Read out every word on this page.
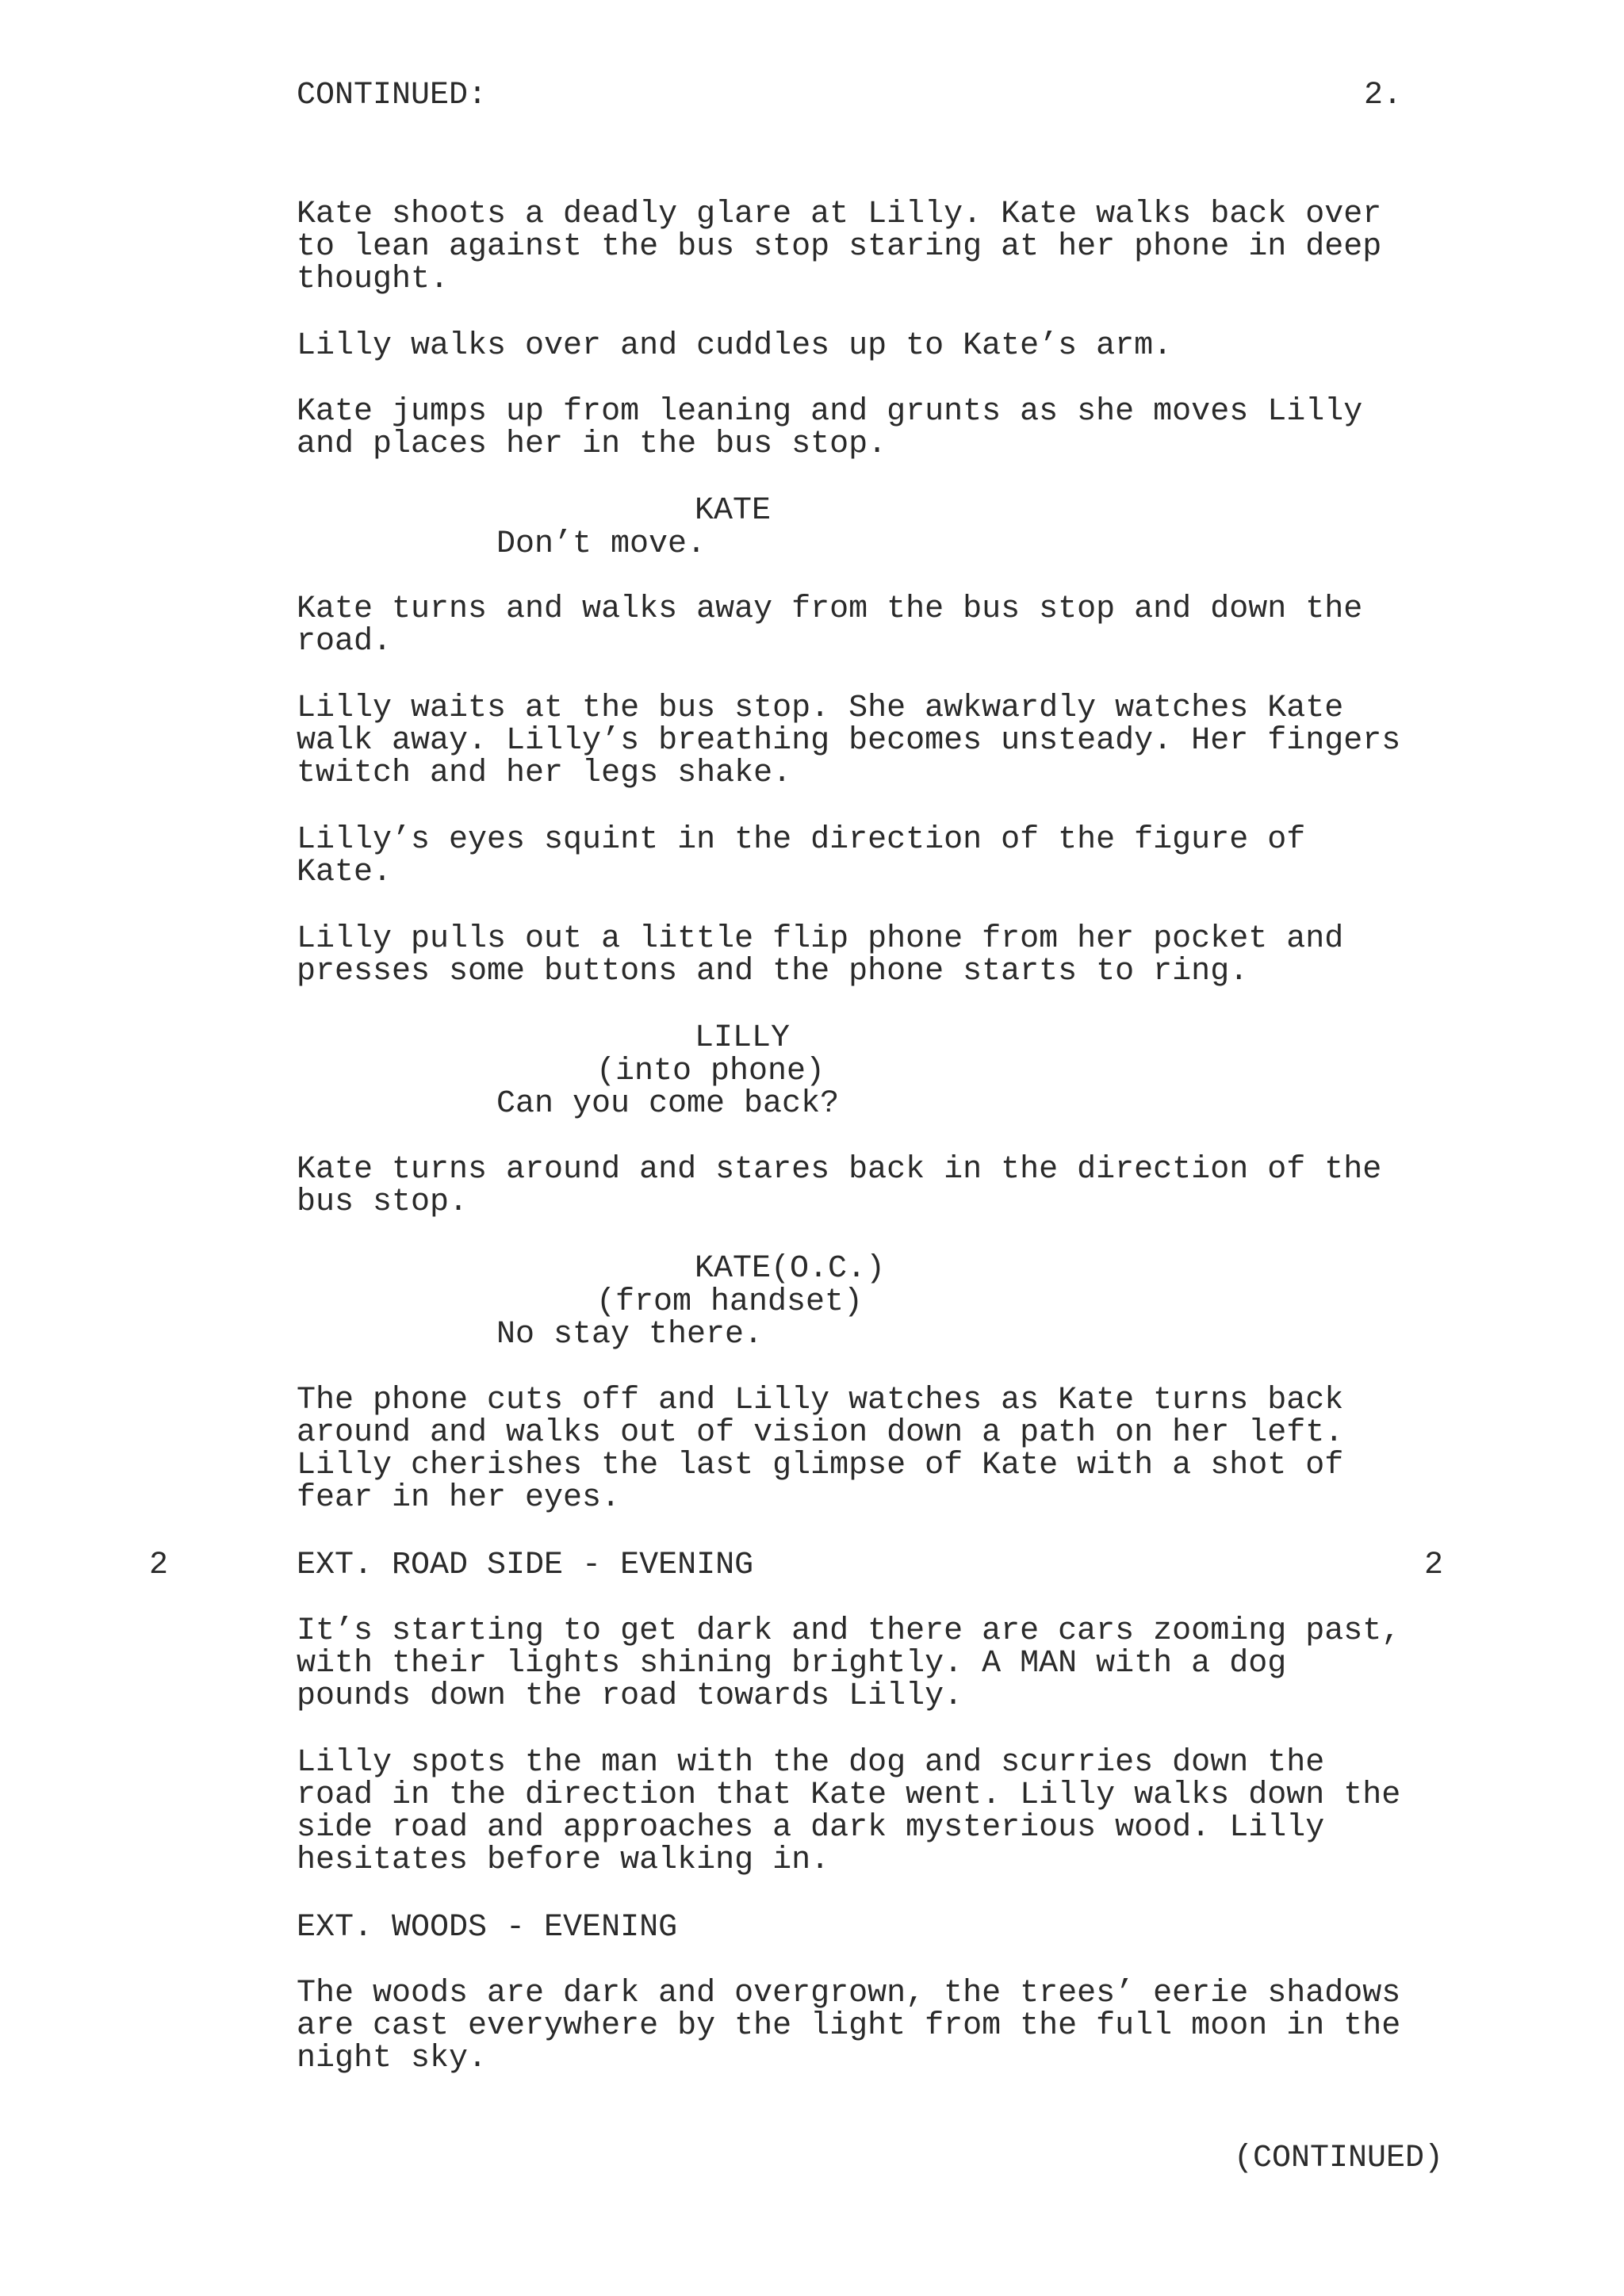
CONTINUED:	2.
Kate shoots a deadly glare at Lilly. Kate walks back over
to lean against the bus stop staring at her phone in deep
thought.
Lilly walks over and cuddles up to Kate’s arm.
Kate jumps up from leaning and grunts as she moves Lilly
and places her in the bus stop.
KATE
Don’t move.
Kate turns and walks away from the bus stop and down the
road.
Lilly waits at the bus stop. She awkwardly watches Kate
walk away. Lilly’s breathing becomes unsteady. Her fingers
twitch and her legs shake.
Lilly’s eyes squint in the direction of the figure of
Kate.
Lilly pulls out a little flip phone from her pocket and
presses some buttons and the phone starts to ring.
LILLY
(into phone)
Can you come back?
Kate turns around and stares back in the direction of the
bus stop.
KATE(O.C.)
(from handset)
No stay there.
The phone cuts off and Lilly watches as Kate turns back
around and walks out of vision down a path on her left.
Lilly cherishes the last glimpse of Kate with a shot of
fear in her eyes.
2	EXT. ROAD SIDE - EVENING	2
It’s starting to get dark and there are cars zooming past,
with their lights shining brightly. A MAN with a dog
pounds down the road towards Lilly.
Lilly spots the man with the dog and scurries down the
road in the direction that Kate went. Lilly walks down the
side road and approaches a dark mysterious wood. Lilly
hesitates before walking in.
EXT. WOODS - EVENING
The woods are dark and overgrown, the trees’ eerie shadows
are cast everywhere by the light from the full moon in the
night sky.
(CONTINUED)
